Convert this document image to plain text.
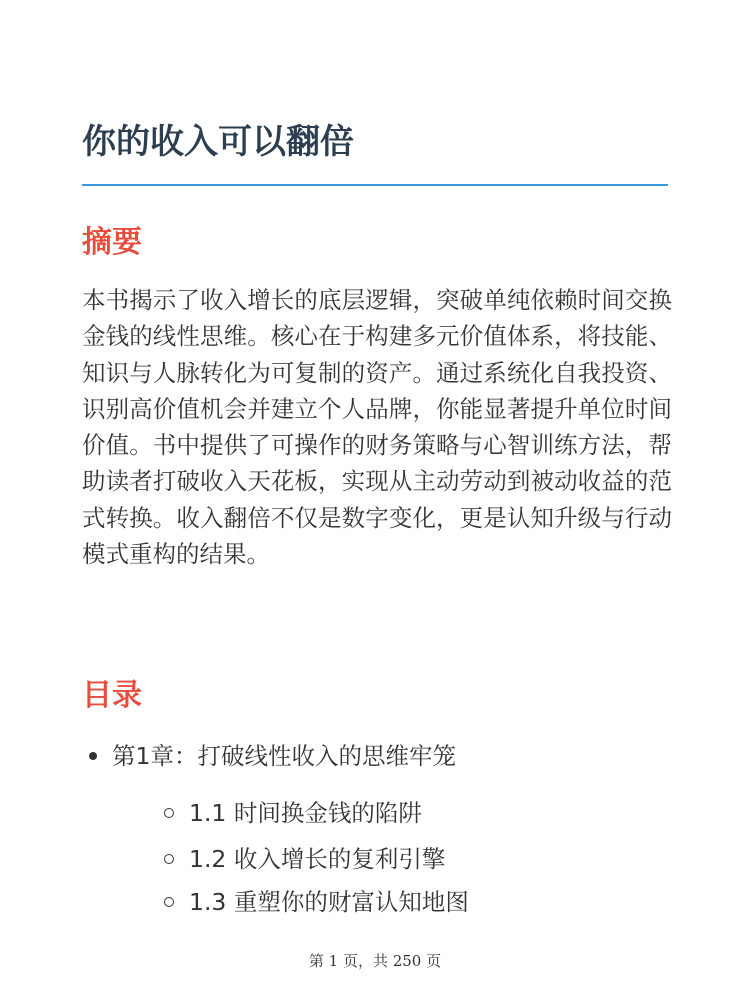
你的收入可以翻倍
摘要

本书揭示了收入增长的底层逻辑，突破单纯依赖时间交换金钱的线性思维。核心在于构建多元价值体系，将技能、知识与人脉转化为可复制的资产。通过系统化自我投资、识别高价值机会并建立个人品牌，你能显著提升单位时间价值。书中提供了可操作的财务策略与心智训练方法，帮助读者打破收入天花板，实现从主动劳动到被动收益的范式转换。收入翻倍不仅是数字变化，更是认知升级与行动模式重构的结果。

目录
第1章：打破线性收入的思维牢笼
1.1 时间换金钱的陷阱
1.2 收入增长的复利引擎
1.3 重塑你的财富认知地图
第 1 页，共 250 页
